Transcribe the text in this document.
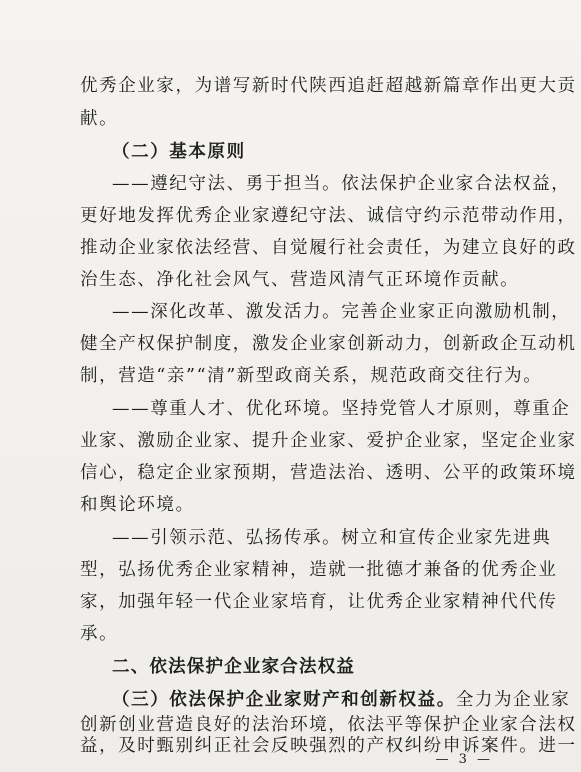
优秀企业家，为谱写新时代陕西追赶超越新篇章作出更大贡
献。
（二）基本原则
——遵纪守法、勇于担当。依法保护企业家合法权益，
更好地发挥优秀企业家遵纪守法、诚信守约示范带动作用，
推动企业家依法经营、自觉履行社会责任，为建立良好的政
治生态、净化社会风气、营造风清气正环境作贡献。
——深化改革、激发活力。完善企业家正向激励机制，
健全产权保护制度，激发企业家创新动力，创新政企互动机
制，营造“亲”“清”新型政商关系，规范政商交往行为。
——尊重人才、优化环境。坚持党管人才原则，尊重企
业家、激励企业家、提升企业家、爱护企业家，坚定企业家
信心，稳定企业家预期，营造法治、透明、公平的政策环境
和舆论环境。
——引领示范、弘扬传承。树立和宣传企业家先进典
型，弘扬优秀企业家精神，造就一批德才兼备的优秀企业
家，加强年轻一代企业家培育，让优秀企业家精神代代传
承。
二、依法保护企业家合法权益
（三）依法保护企业家财产和创新权益。全力为企业家
创新创业营造良好的法治环境，依法平等保护企业家合法权
— 3 —
益，及时甄别纠正社会反映强烈的产权纠纷申诉案件。进一
